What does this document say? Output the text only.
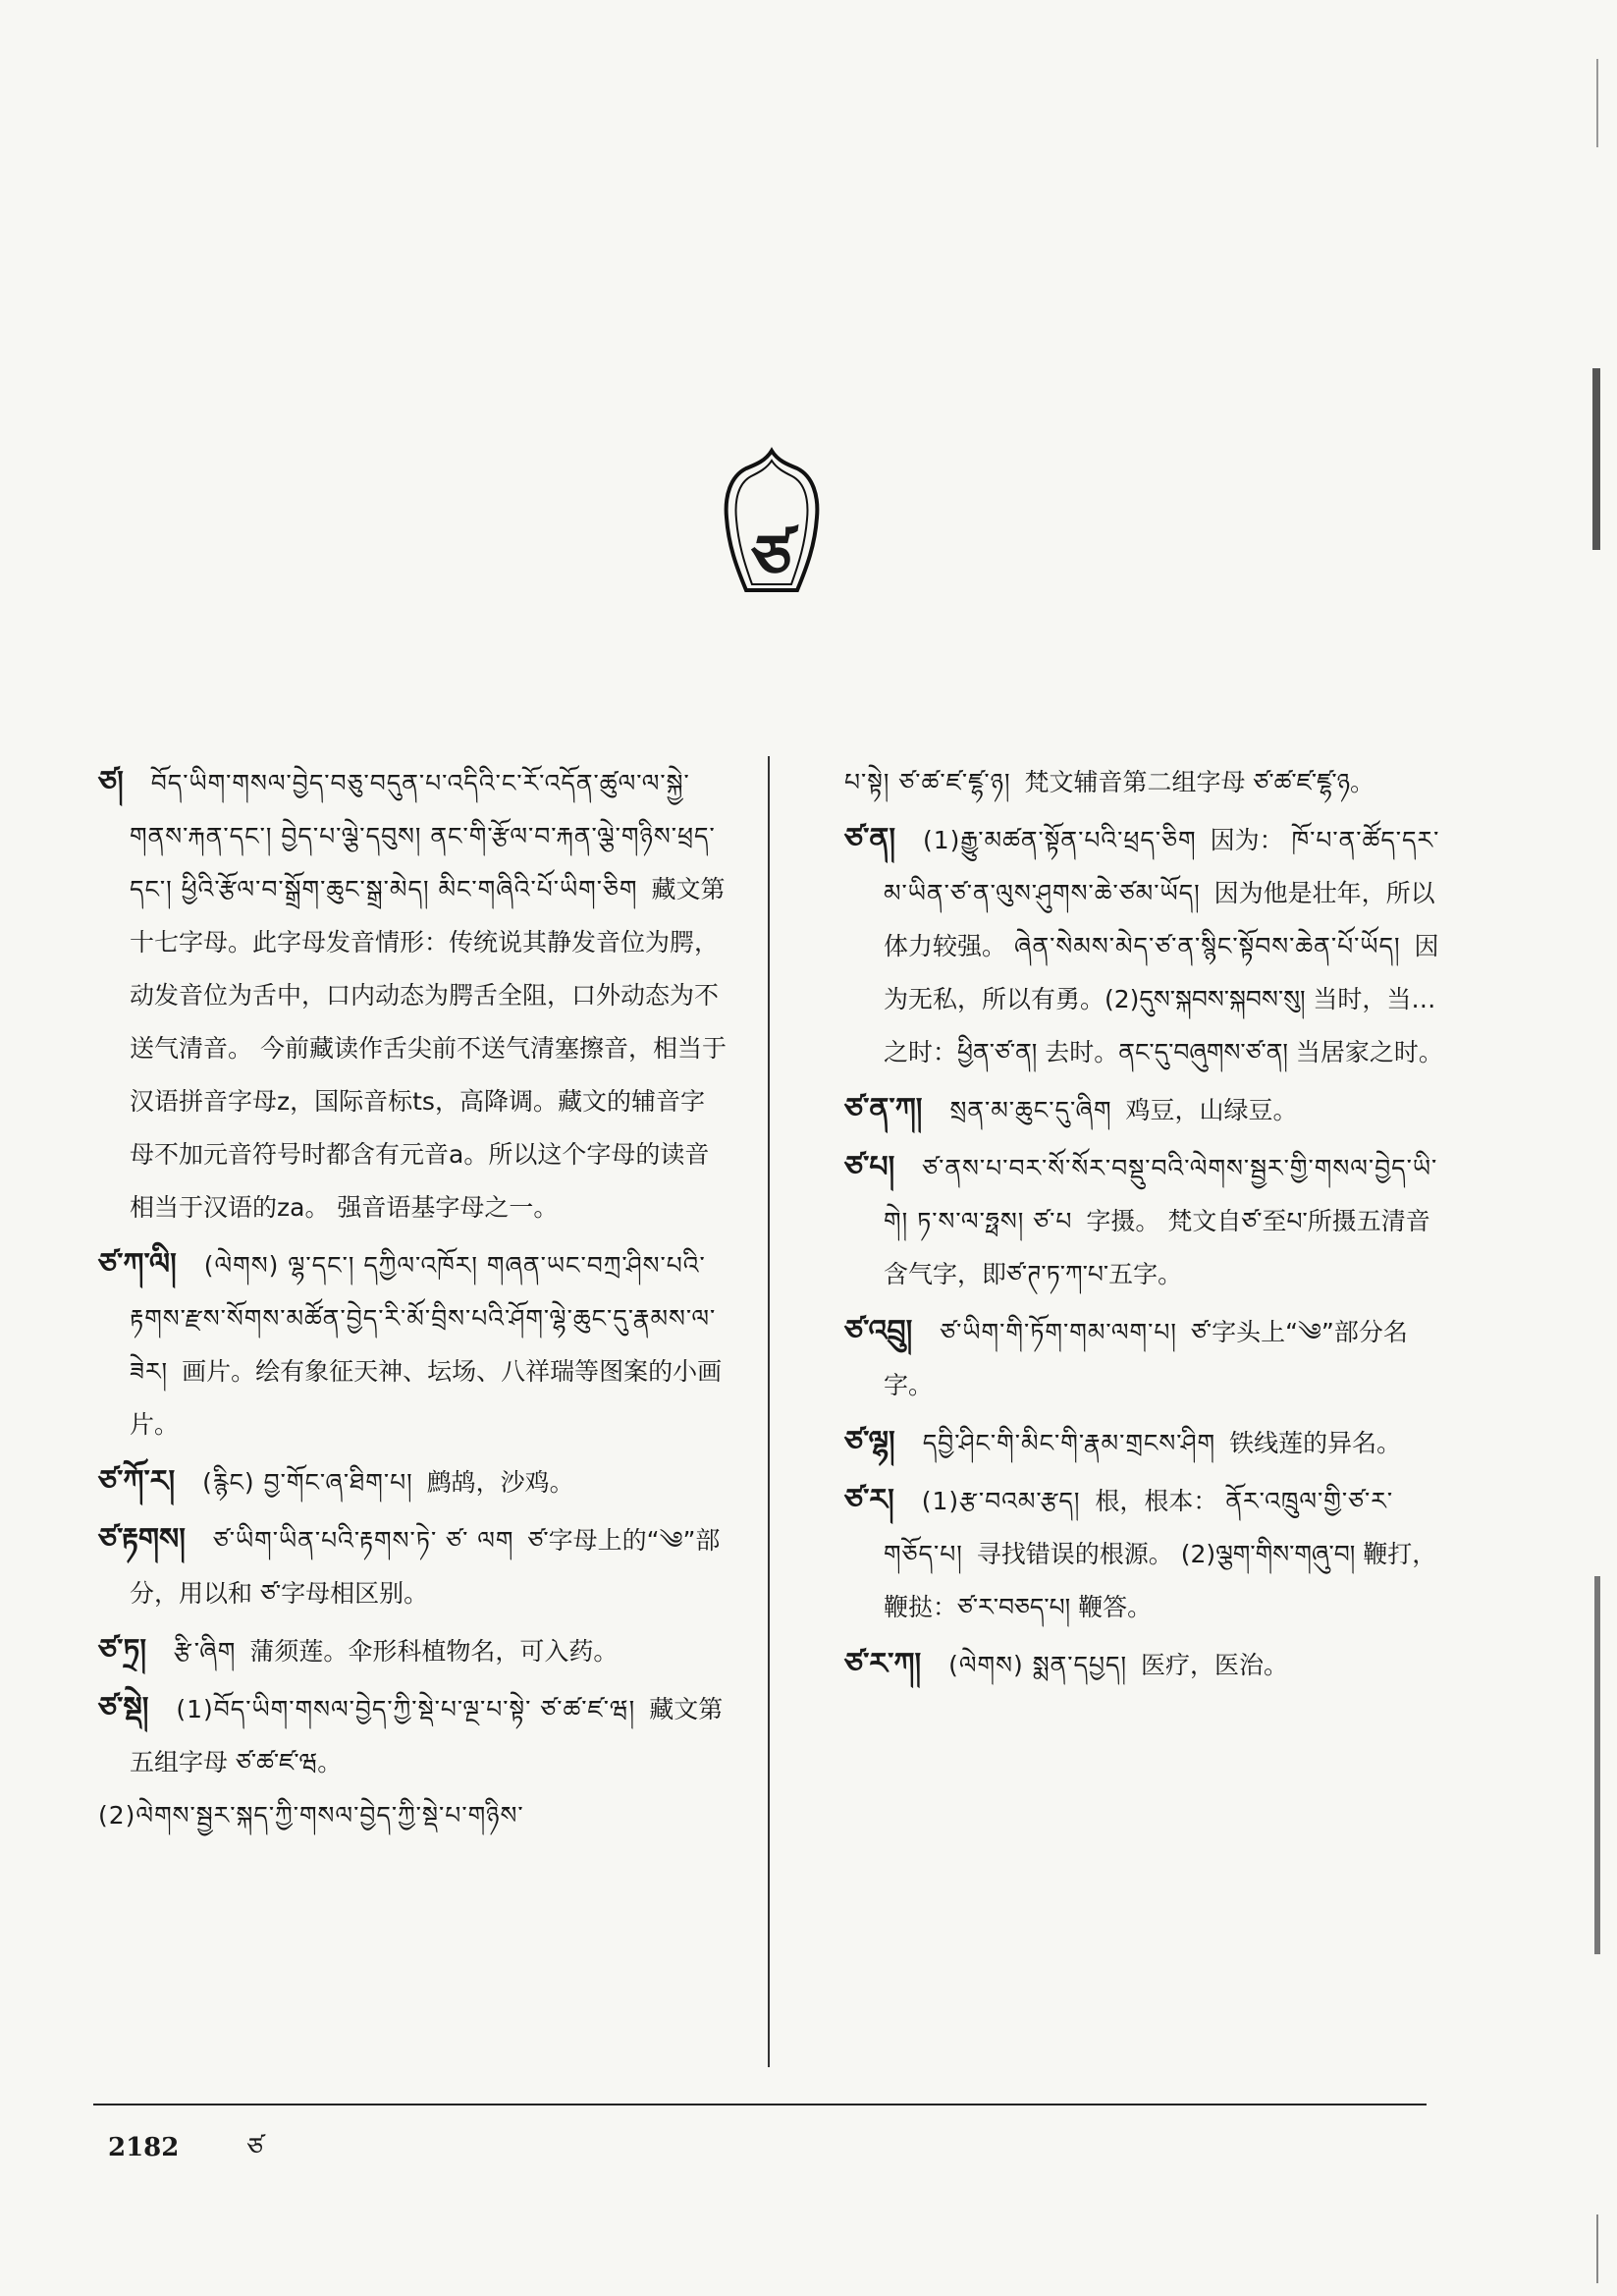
ཙ
ཙ། བོད་ཡིག་གསལ་བྱེད་བཅུ་བདུན་པ་འདིའི་ང་རོ་འདོན་ཚུལ་ལ་སྐྱེ་གནས་རྐན་དང་། བྱེད་པ་ལྕེ་དབུས། ནང་གི་རྩོལ་བ་རྐན་ལྕེ་གཉིས་ཕྲད་དང་། ཕྱིའི་རྩོལ་བ་སྒྲོག་ཆུང་སྒྲ་མེད། མིང་གཞིའི་པོ་ཡིག་ཅིག 藏文第十七字母。此字母发音情形：传统说其静发音位为腭，动发音位为舌中，口内动态为腭舌全阻，口外动态为不送气清音。 今前藏读作舌尖前不送气清塞擦音，相当于汉语拼音字母z，国际音标ts，高降调。藏文的辅音字母不加元音符号时都含有元音a。所以这个字母的读音相当于汉语的za。 强音语基字母之一。
ཙ་ཀ་ལི། (ལེགས) ལྷ་དང་། དཀྱིལ་འཁོར། གཞན་ཡང་བཀྲ་ཤིས་པའི་རྟགས་རྫས་སོགས་མཚོན་བྱེད་རི་མོ་བྲིས་པའི་ཤོག་ལྷེ་ཆུང་དུ་རྣམས་ལ་ཟེར། 画片。绘有象征天神、坛场、八祥瑞等图案的小画片。
ཙ་ཀོ་ར། (རྙིང) བྱ་གོང་ཞ་ཐིག་པ། 鹧鸪，沙鸡。
ཙ་རྟགས། ཙ་ཡིག་ཡིན་པའི་རྟགས་ཏེ་ ཙ་ ལག ཙ་字母上的“༄”部分，用以和 ཙ་字母相区别。
ཙ་ཏྲ། རྩི་ཞིག 蒲须莲。伞形科植物名，可入药。
ཙ་སྡེ། (1)བོད་ཡིག་གསལ་བྱེད་ཀྱི་སྡེ་པ་ལྔ་པ་སྟེ་ ཙ་ཚ་ཛ་ཝ། 藏文第五组字母 ཙ་ཚ་ཛ་ཝ。
(2)ལེགས་སྦྱར་སྐད་ཀྱི་གསལ་བྱེད་ཀྱི་སྡེ་པ་གཉིས་
པ་སྟེ། ཙ་ཚ་ཛ་ཛྷ་ཉ། 梵文辅音第二组字母 ཙ་ཚ་ཛ་ཛྷ་ཉ。
ཙ་ན། (1)རྒྱུ་མཚན་སྟོན་པའི་ཕྲད་ཅིག 因为： ཁོ་པ་ན་ཚོད་དར་མ་ཡིན་ཙ་ན་ལུས་ཤུགས་ཆེ་ཙམ་ཡོད། 因为他是壮年，所以体力较强。 ཞེན་སེམས་མེད་ཙ་ན་སྙིང་སྟོབས་ཆེན་པོ་ཡོད། 因为无私，所以有勇。(2)དུས་སྐབས་སྐབས་སུ། 当时，当…之时：ཕྱིན་ཙ་ན། 去时。ནང་དུ་བཞུགས་ཙ་ན། 当居家之时。
ཙ་ན་ཀ། སྲན་མ་ཆུང་དུ་ཞིག 鸡豆，山绿豆。
ཙ་པ། ཙ་ནས་པ་བར་སོ་སོར་བསྡུ་བའི་ལེགས་སྦྱར་གྱི་གསལ་བྱེད་ཡི་གེ། ཏ་ས་ལ་ཧྥས། ཙ་པ 字摄。 梵文自ཙ་至པ་所摄五清音含气字，即ཙ་ཊ་ཏ་ཀ་པ་五字。
ཙ་འབྲུ། ཙ་ཡིག་གི་ཏོག་གམ་ལག་པ། ཙ་字头上“༄”部分名字。
ཙ་ལྷ། དབྱི་ཤིང་གི་མིང་གི་རྣམ་གྲངས་ཤིག 铁线莲的异名。
ཙ་ར། (1)རྩ་བའམ་རྩད། 根，根本： ནོར་འཁྲུལ་གྱི་ཙ་ར་གཅོད་པ། 寻找错误的根源。 (2)ལྕག་གིས་གཞུ་བ། 鞭打，鞭挞：ཙ་ར་བཅད་པ། 鞭答。
ཙ་ར་ཀ། (ལེགས) སྨན་དཔྱད། 医疗，医治。
2182	ཙ
